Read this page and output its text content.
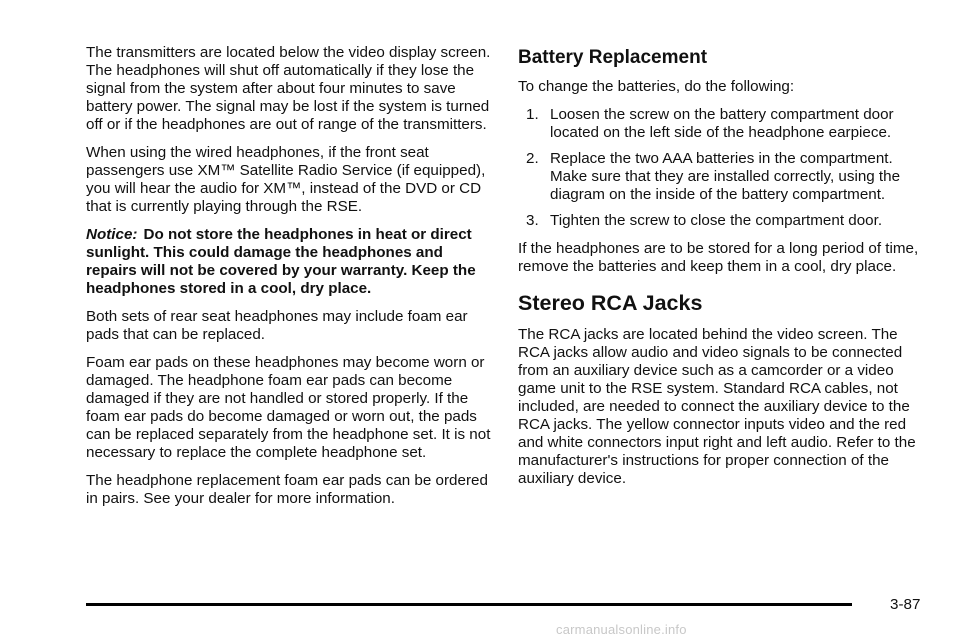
The transmitters are located below the video display screen. The headphones will shut off automatically if they lose the signal from the system after about four minutes to save battery power. The signal may be lost if the system is turned off or if the headphones are out of range of the transmitters.

When using the wired headphones, if the front seat passengers use XM™ Satellite Radio Service (if equipped), you will hear the audio for XM™, instead of the DVD or CD that is currently playing through the RSE.

Notice: Do not store the headphones in heat or direct sunlight. This could damage the headphones and repairs will not be covered by your warranty. Keep the headphones stored in a cool, dry place.

Both sets of rear seat headphones may include foam ear pads that can be replaced.

Foam ear pads on these headphones may become worn or damaged. The headphone foam ear pads can become damaged if they are not handled or stored properly. If the foam ear pads do become damaged or worn out, the pads can be replaced separately from the headphone set. It is not necessary to replace the complete headphone set.

The headphone replacement foam ear pads can be ordered in pairs. See your dealer for more information.

Battery Replacement

To change the batteries, do the following:

1. Loosen the screw on the battery compartment door located on the left side of the headphone earpiece.
2. Replace the two AAA batteries in the compartment. Make sure that they are installed correctly, using the diagram on the inside of the battery compartment.
3. Tighten the screw to close the compartment door.

If the headphones are to be stored for a long period of time, remove the batteries and keep them in a cool, dry place.

Stereo RCA Jacks

The RCA jacks are located behind the video screen. The RCA jacks allow audio and video signals to be connected from an auxiliary device such as a camcorder or a video game unit to the RSE system. Standard RCA cables, not included, are needed to connect the auxiliary device to the RCA jacks. The yellow connector inputs video and the red and white connectors input right and left audio. Refer to the manufacturer's instructions for proper connection of the auxiliary device.

3-87
carmanualsonline.info
